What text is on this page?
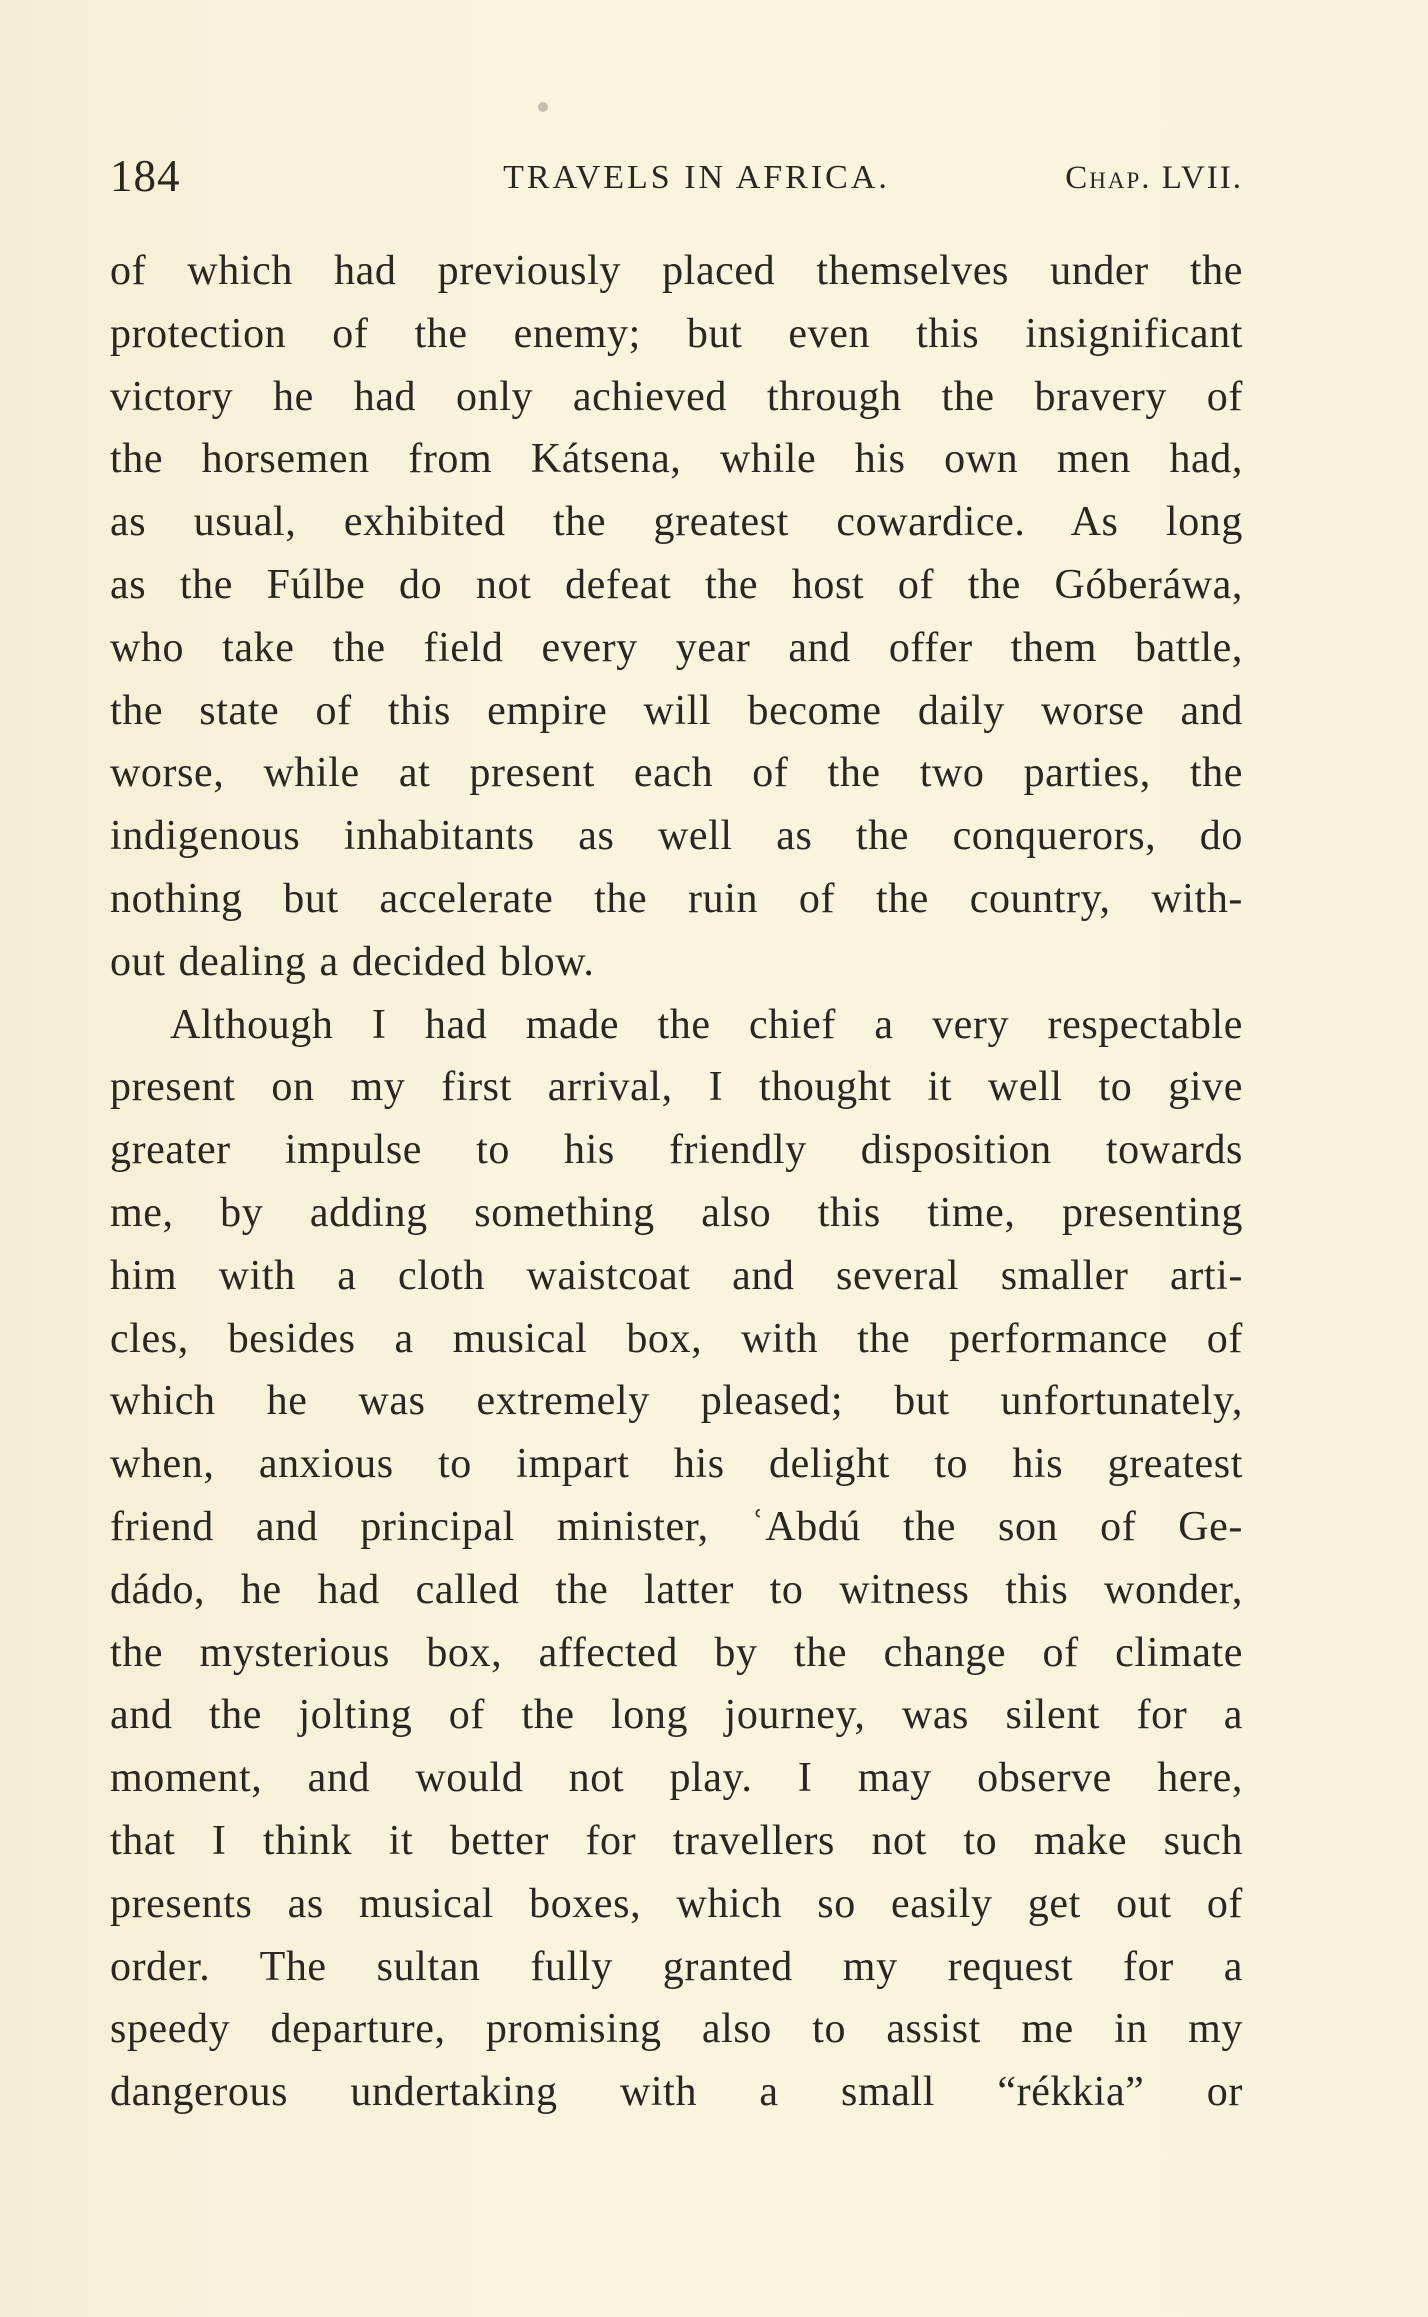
184	TRAVELS IN AFRICA.	Chap. LVII.
of which had previously placed themselves under the
protection of the enemy; but even this insignificant
victory he had only achieved through the bravery of
the horsemen from Kátsena, while his own men had,
as usual, exhibited the greatest cowardice. As long
as the Fúlbe do not defeat the host of the Góberáwa,
who take the field every year and offer them battle,
the state of this empire will become daily worse and
worse, while at present each of the two parties, the
indigenous inhabitants as well as the conquerors, do
nothing but accelerate the ruin of the country, with-
out dealing a decided blow.
Although I had made the chief a very respectable
present on my first arrival, I thought it well to give
greater impulse to his friendly disposition towards
me, by adding something also this time, presenting
him with a cloth waistcoat and several smaller arti-
cles, besides a musical box, with the performance of
which he was extremely pleased; but unfortunately,
when, anxious to impart his delight to his greatest
friend and principal minister, ʿAbdú the son of Ge-
dádo, he had called the latter to witness this wonder,
the mysterious box, affected by the change of climate
and the jolting of the long journey, was silent for a
moment, and would not play. I may observe here,
that I think it better for travellers not to make such
presents as musical boxes, which so easily get out of
order. The sultan fully granted my request for a
speedy departure, promising also to assist me in my
dangerous undertaking with a small “rékkia” or
